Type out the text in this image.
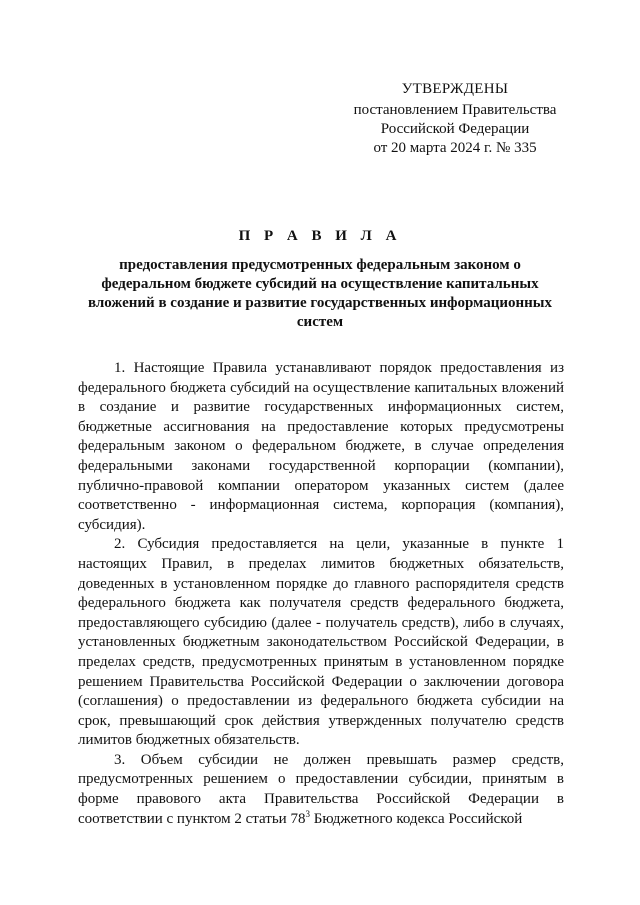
УТВЕРЖДЕНЫ
постановлением Правительства
Российской Федерации
от 20 марта 2024 г. № 335
П Р А В И Л А
предоставления предусмотренных федеральным законом о федеральном бюджете субсидий на осуществление капитальных вложений в создание и развитие государственных информационных систем

1. Настоящие Правила устанавливают порядок предоставления из федерального бюджета субсидий на осуществление капитальных вложений в создание и развитие государственных информационных систем, бюджетные ассигнования на предоставление которых предусмотрены федеральным законом о федеральном бюджете, в случае определения федеральными законами государственной корпорации (компании), публично-правовой компании оператором указанных систем (далее соответственно - информационная система, корпорация (компания), субсидия).

2. Субсидия предоставляется на цели, указанные в пункте 1 настоящих Правил, в пределах лимитов бюджетных обязательств, доведенных в установленном порядке до главного распорядителя средств федерального бюджета как получателя средств федерального бюджета, предоставляющего субсидию (далее - получатель средств), либо в случаях, установленных бюджетным законодательством Российской Федерации, в пределах средств, предусмотренных принятым в установленном порядке решением Правительства Российской Федерации о заключении договора (соглашения) о предоставлении из федерального бюджета субсидии на срок, превышающий срок действия утвержденных получателю средств лимитов бюджетных обязательств.

3. Объем субсидии не должен превышать размер средств, предусмотренных решением о предоставлении субсидии, принятым в форме правового акта Правительства Российской Федерации в соответствии с пунктом 2 статьи $78^3$ Бюджетного кодекса Российской
